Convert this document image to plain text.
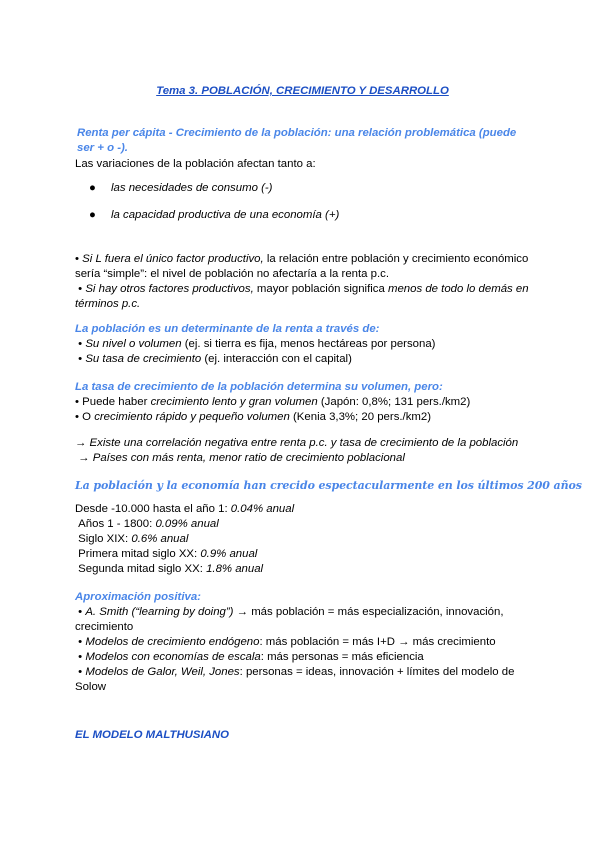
Tema 3. POBLACIÓN, CRECIMIENTO Y DESARROLLO
Renta per cápita - Crecimiento de la población: una relación problemática (puede ser + o -).
Las variaciones de la población afectan tanto a:
● las necesidades de consumo (-)
● la capacidad productiva de una economía (+)
• Si L fuera el único factor productivo, la relación entre población y crecimiento económico sería “simple”: el nivel de población no afectaría a la renta p.c.
• Si hay otros factores productivos, mayor población significa menos de todo lo demás en términos p.c.
La población es un determinante de la renta a través de:
• Su nivel o volumen (ej. si tierra es fija, menos hectáreas por persona)
• Su tasa de crecimiento (ej. interacción con el capital)
La tasa de crecimiento de la población determina su volumen, pero:
• Puede haber crecimiento lento y gran volumen (Japón: 0,8%; 131 pers./km2)
• O crecimiento rápido y pequeño volumen (Kenia 3,3%; 20 pers./km2)
→ Existe una correlación negativa entre renta p.c. y tasa de crecimiento de la población
→ Países con más renta, menor ratio de crecimiento poblacional
La población y la economía han crecido espectacularmente en los últimos 200 años
Desde -10.000 hasta el año 1: 0.04% anual
Años 1 - 1800: 0.09% anual
Siglo XIX: 0.6% anual
Primera mitad siglo XX: 0.9% anual
Segunda mitad siglo XX: 1.8% anual
Aproximación positiva:
• A. Smith (“learning by doing”) → más población = más especialización, innovación, crecimiento
• Modelos de crecimiento endógeno: más población = más I+D → más crecimiento
• Modelos con economías de escala: más personas = más eficiencia
• Modelos de Galor, Weil, Jones: personas = ideas, innovación + límites del modelo de Solow
EL MODELO MALTHUSIANO
